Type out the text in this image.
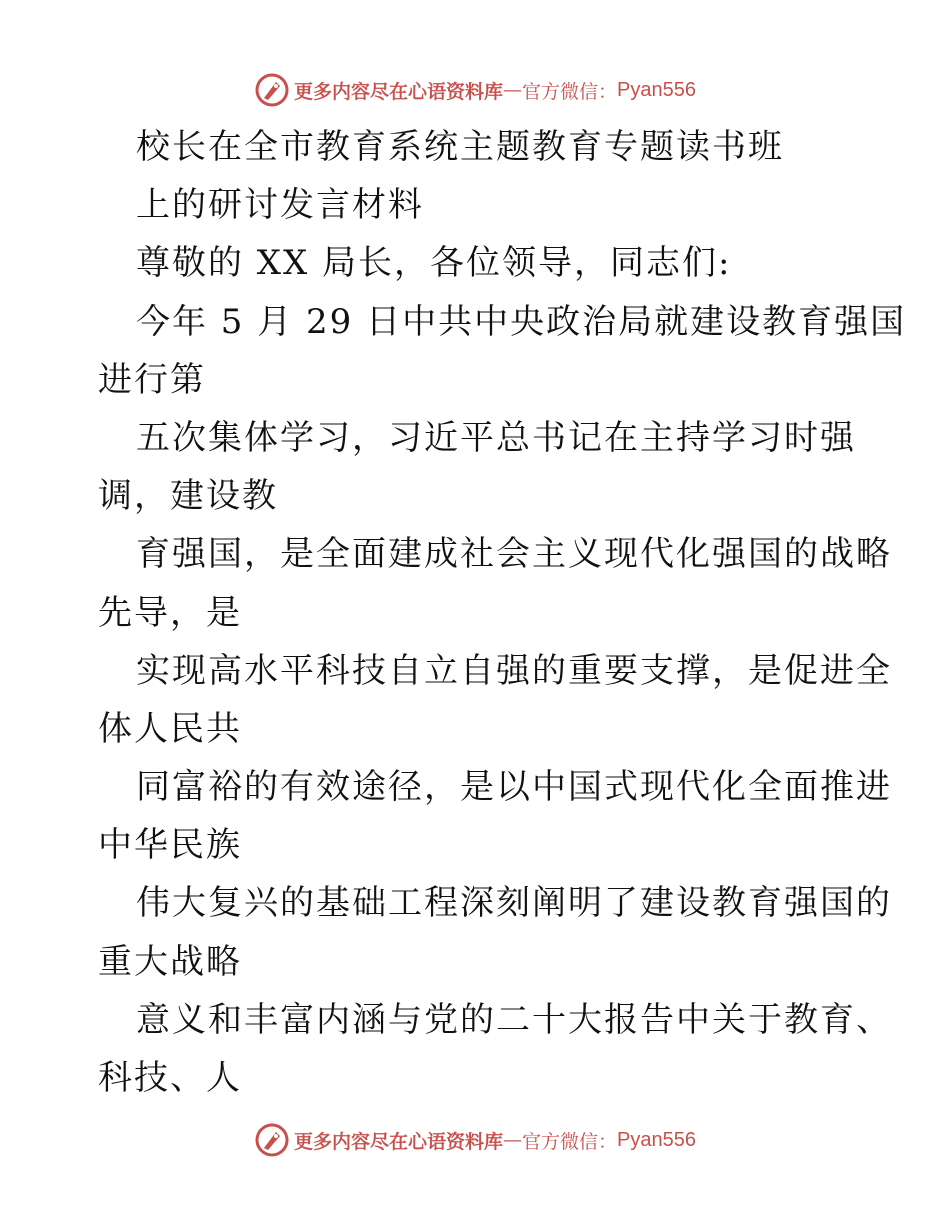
更多内容尽在心语资料库 — 官方微信： Pyan556
校长在全市教育系统主题教育专题读书班
上的研讨发言材料
尊敬的 XX 局长，各位领导，同志们:
今年 5 月 29 日中共中央政治局就建设教育强国
进行第
五次集体学习，习近平总书记在主持学习时强
调，建设教
育强国，是全面建成社会主义现代化强国的战略
先导，是
实现高水平科技自立自强的重要支撑，是促进全
体人民共
同富裕的有效途径，是以中国式现代化全面推进
中华民族
伟大复兴的基础工程深刻阐明了建设教育强国的
重大战略
意义和丰富内涵与党的二十大报告中关于教育、
科技、人
更多内容尽在心语资料库 — 官方微信： Pyan556
